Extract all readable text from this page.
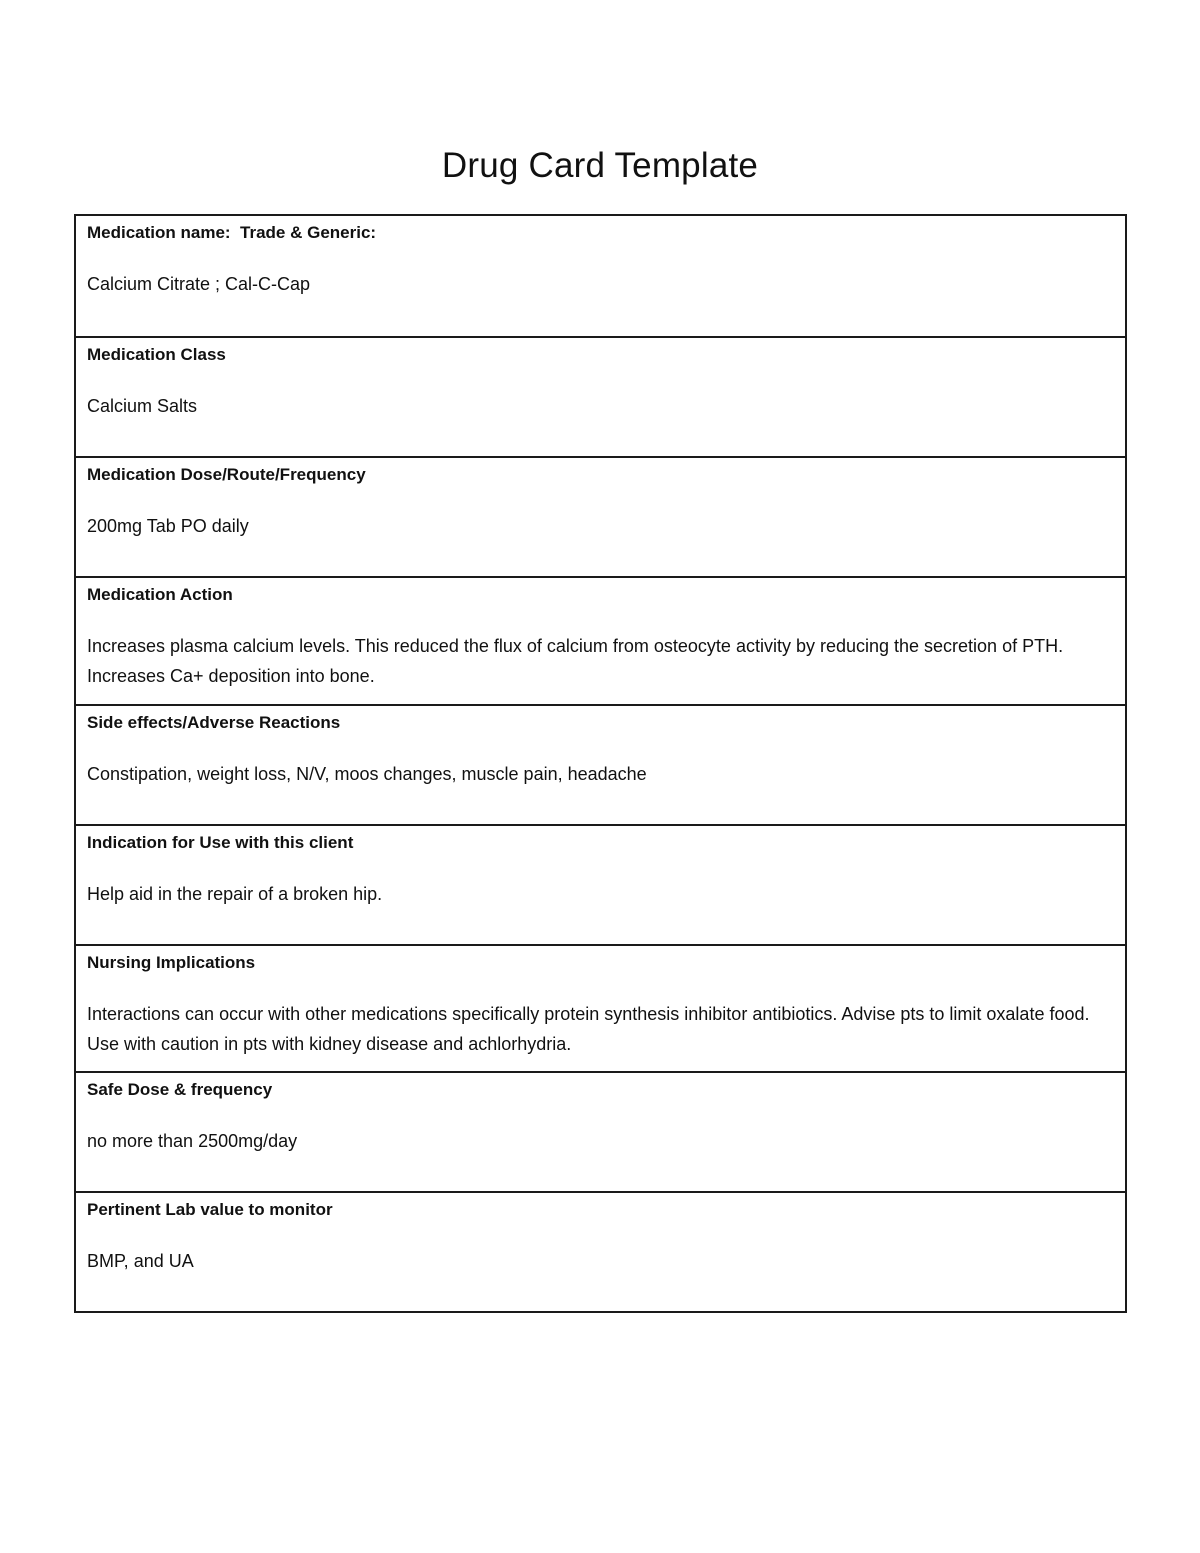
Drug Card Template

Medication name:  Trade & Generic:

Calcium Citrate ; Cal-C-Cap

Medication Class

Calcium Salts

Medication Dose/Route/Frequency

200mg Tab PO daily

Medication Action

Increases plasma calcium levels. This reduced the flux of calcium from osteocyte activity by reducing the secretion of PTH. Increases Ca+ deposition into bone.

Side effects/Adverse Reactions

Constipation, weight loss, N/V, moos changes, muscle pain, headache

Indication for Use with this client

Help aid in the repair of a broken hip.

Nursing Implications

Interactions can occur with other medications specifically protein synthesis inhibitor antibiotics. Advise pts to limit oxalate food. Use with caution in pts with kidney disease and achlorhydria.

Safe Dose & frequency

no more than 2500mg/day

Pertinent Lab value to monitor

BMP, and UA
